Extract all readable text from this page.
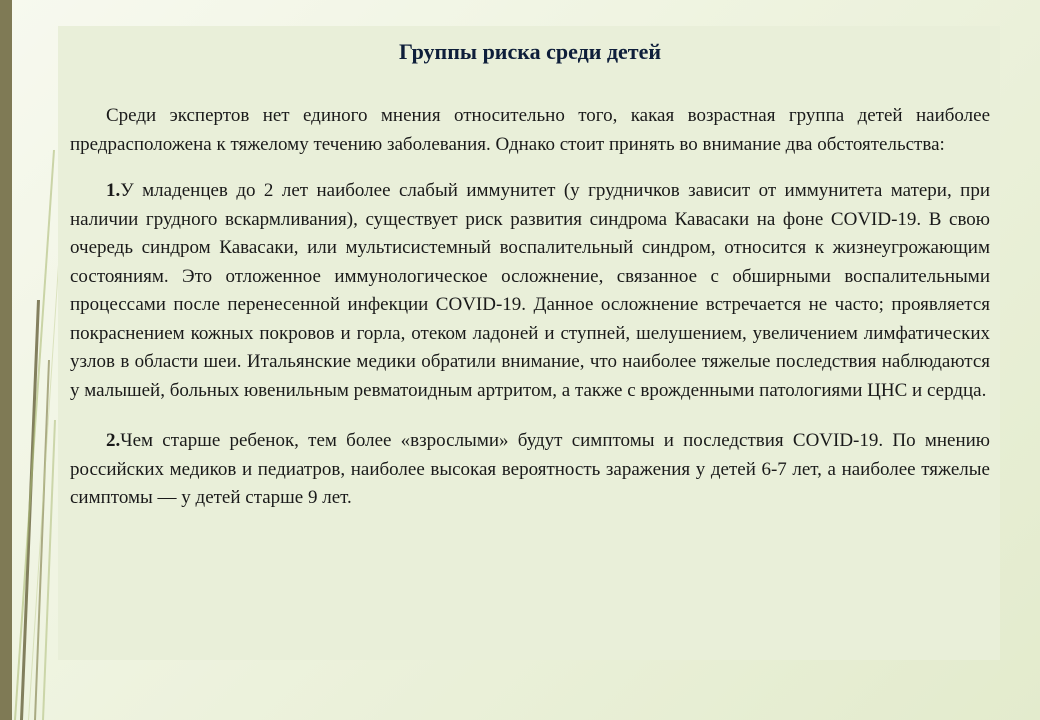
Группы риска среди детей

Среди экспертов нет единого мнения относительно того, какая возрастная группа детей наиболее предрасположена к тяжелому течению заболевания. Однако стоит принять во внимание два обстоятельства:

1.У младенцев до 2 лет наиболее слабый иммунитет (у грудничков зависит от иммунитета матери, при наличии грудного вскармливания), существует риск развития синдрома Кавасаки на фоне COVID-19. В свою очередь синдром Кавасаки, или мультисистемный воспалительный синдром, относится к жизнеугрожающим состояниям. Это отложенное иммунологическое осложнение, связанное с обширными воспалительными процессами после перенесенной инфекции COVID-19. Данное осложнение встречается не часто; проявляется покраснением кожных покровов и горла, отеком ладоней и ступней, шелушением, увеличением лимфатических узлов в области шеи. Итальянские медики обратили внимание, что наиболее тяжелые последствия наблюдаются у малышей, больных ювенильным ревматоидным артритом, а также с врожденными патологиями ЦНС и сердца.

2.Чем старше ребенок, тем более «взрослыми» будут симптомы и последствия COVID-19. По мнению российских медиков и педиатров, наиболее высокая вероятность заражения у детей 6-7 лет, а наиболее тяжелые симптомы — у детей старше 9 лет.
